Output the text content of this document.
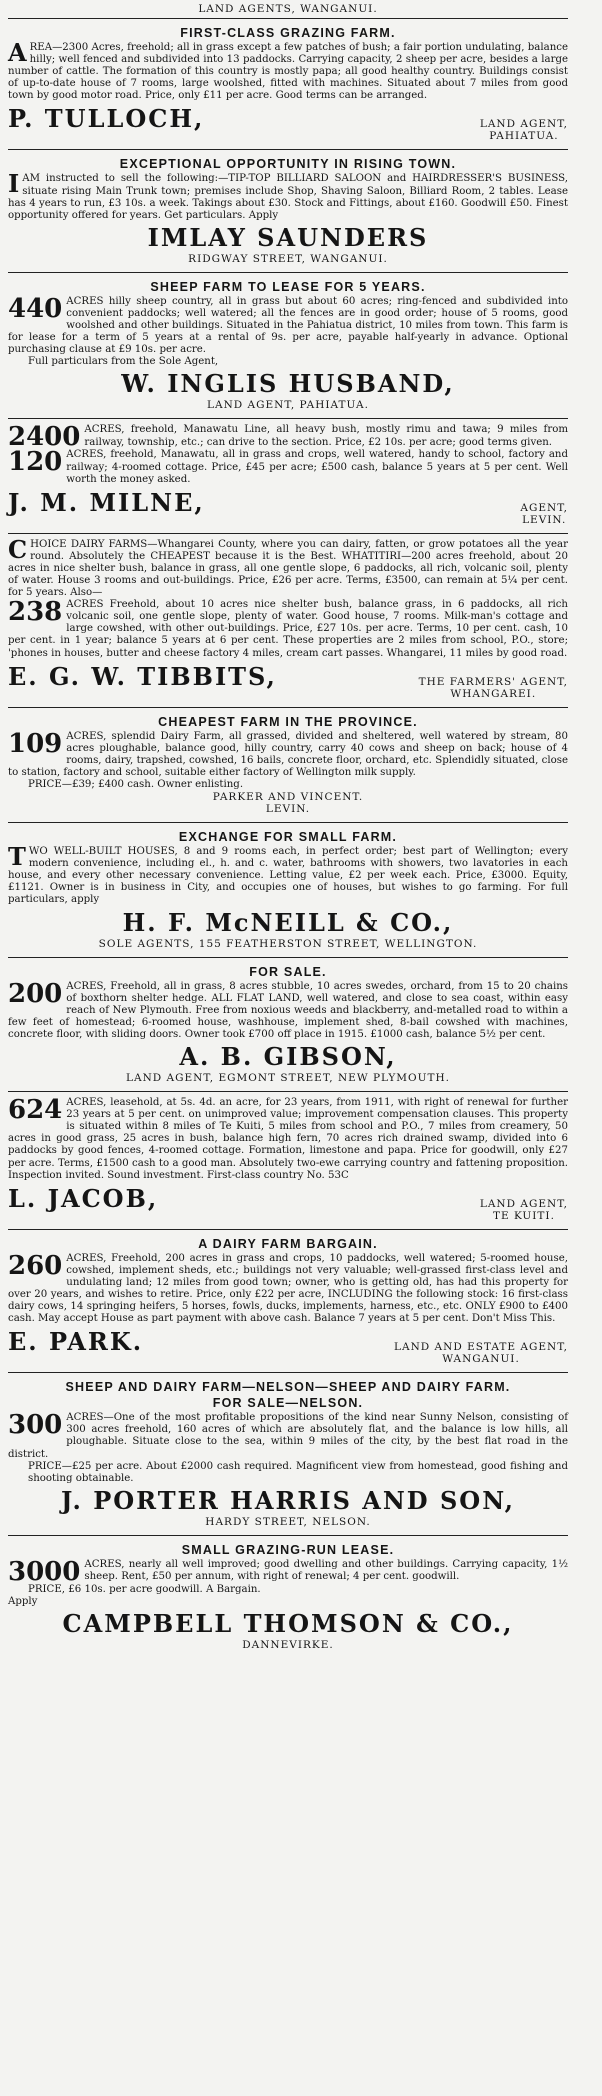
LAND AGENTS, WANGANUI.
FIRST-CLASS GRAZING FARM.

AREA—2300 Acres, freehold; all in grass except a few patches of bush; a fair portion undulating, balance hilly; well fenced and subdivided into 13 paddocks. Carrying capacity, 2 sheep per acre, besides a large number of cattle. The formation of this country is mostly papa; all good healthy country. Buildings consist of up-to-date house of 7 rooms, large woolshed, fitted with machines. Situated about 7 miles from good town by good motor road. Price, only £11 per acre. Good terms can be arranged.

P. TULLOCH,	LAND AGENT,
PAHIATUA.
EXCEPTIONAL OPPORTUNITY IN RISING TOWN.

IAM instructed to sell the following:—TIP-TOP BILLIARD SALOON and HAIRDRESSER'S BUSINESS, situate rising Main Trunk town; premises include Shop, Shaving Saloon, Billiard Room, 2 tables. Lease has 4 years to run, £3 10s. a week. Takings about £30. Stock and Fittings, about £160. Goodwill £50. Finest opportunity offered for years. Get particulars. Apply

IMLAY SAUNDERS
RIDGWAY STREET, WANGANUI.
SHEEP FARM TO LEASE FOR 5 YEARS.

440 ACRES hilly sheep country, all in grass but about 60 acres; ring-fenced and subdivided into convenient paddocks; well watered; all the fences are in good order; house of 5 rooms, good woolshed and other buildings. Situated in the Pahiatua district, 10 miles from town. This farm is for lease for a term of 5 years at a rental of 9s. per acre, payable half-yearly in advance. Optional purchasing clause at £9 10s. per acre.

Full particulars from the Sole Agent,

W. INGLIS HUSBAND,
LAND AGENT, PAHIATUA.

2400 ACRES, freehold, Manawatu Line, all heavy bush, mostly rimu and tawa; 9 miles from railway, township, etc.; can drive to the section. Price, £2 10s. per acre; good terms given.

120 ACRES, freehold, Manawatu, all in grass and crops, well watered, handy to school, factory and railway; 4-roomed cottage. Price, £45 per acre; £500 cash, balance 5 years at 5 per cent. Well worth the money asked.

J. M. MILNE,	AGENT,
LEVIN.

CHOICE DAIRY FARMS—Whangarei County, where you can dairy, fatten, or grow potatoes all the year round. Absolutely the CHEAPEST because it is the Best. WHATITIRI—200 acres freehold, about 20 acres in nice shelter bush, balance in grass, all one gentle slope, 6 paddocks, all rich, volcanic soil, plenty of water. House 3 rooms and out-buildings. Price, £26 per acre. Terms, £3500, can remain at 5¼ per cent. for 5 years. Also—

238 ACRES Freehold, about 10 acres nice shelter bush, balance grass, in 6 paddocks, all rich volcanic soil, one gentle slope, plenty of water. Good house, 7 rooms. Milk-man's cottage and large cowshed, with other out-buildings. Price, £27 10s. per acre. Terms, 10 per cent. cash, 10 per cent. in 1 year; balance 5 years at 6 per cent. These properties are 2 miles from school, P.O., store; 'phones in houses, butter and cheese factory 4 miles, cream cart passes. Whangarei, 11 miles by good road.

E. G. W. TIBBITS,	THE FARMERS' AGENT,
WHANGAREI.
CHEAPEST FARM IN THE PROVINCE.

109 ACRES, splendid Dairy Farm, all grassed, divided and sheltered, well watered by stream, 80 acres ploughable, balance good, hilly country, carry 40 cows and sheep on back; house of 4 rooms, dairy, trapshed, cowshed, 16 bails, concrete floor, orchard, etc. Splendidly situated, close to station, factory and school, suitable either factory of Wellington milk supply.

PRICE—£39; £400 cash. Owner enlisting.

PARKER AND VINCENT.
LEVIN.
EXCHANGE FOR SMALL FARM.

TWO WELL-BUILT HOUSES, 8 and 9 rooms each, in perfect order; best part of Wellington; every modern convenience, including el., h. and c. water, bathrooms with showers, two lavatories in each house, and every other necessary convenience. Letting value, £2 per week each. Price, £3000. Equity, £1121. Owner is in business in City, and occupies one of houses, but wishes to go farming. For full particulars, apply

H. F. McNEILL & CO.,
SOLE AGENTS, 155 FEATHERSTON STREET, WELLINGTON.
FOR SALE.

200 ACRES, Freehold, all in grass, 8 acres stubble, 10 acres swedes, orchard, from 15 to 20 chains of boxthorn shelter hedge. ALL FLAT LAND, well watered, and close to sea coast, within easy reach of New Plymouth. Free from noxious weeds and blackberry, and-metalled road to within a few feet of homestead; 6-roomed house, washhouse, implement shed, 8-bail cowshed with machines, concrete floor, with sliding doors. Owner took £700 off place in 1915. £1000 cash, balance 5½ per cent.

A. B. GIBSON,
LAND AGENT, EGMONT STREET, NEW PLYMOUTH.

624 ACRES, leasehold, at 5s. 4d. an acre, for 23 years, from 1911, with right of renewal for further 23 years at 5 per cent. on unimproved value; improvement compensation clauses. This property is situated within 8 miles of Te Kuiti, 5 miles from school and P.O., 7 miles from creamery, 50 acres in good grass, 25 acres in bush, balance high fern, 70 acres rich drained swamp, divided into 6 paddocks by good fences, 4-roomed cottage. Formation, limestone and papa. Price for goodwill, only £27 per acre. Terms, £1500 cash to a good man. Absolutely two-ewe carrying country and fattening proposition. Inspection invited. Sound investment. First-class country No. 53C

L. JACOB,	LAND AGENT,
TE KUITI.
A DAIRY FARM BARGAIN.

260 ACRES, Freehold, 200 acres in grass and crops, 10 paddocks, well watered; 5-roomed house, cowshed, implement sheds, etc.; buildings not very valuable; well-grassed first-class level and undulating land; 12 miles from good town; owner, who is getting old, has had this property for over 20 years, and wishes to retire. Price, only £22 per acre, INCLUDING the following stock: 16 first-class dairy cows, 14 springing heifers, 5 horses, fowls, ducks, implements, harness, etc., etc. ONLY £900 to £400 cash. May accept House as part payment with above cash. Balance 7 years at 5 per cent. Don't Miss This.

E. PARK.	LAND AND ESTATE AGENT,
WANGANUI.
SHEEP AND DAIRY FARM—NELSON—SHEEP AND DAIRY FARM.
FOR SALE—NELSON.

300 ACRES—One of the most profitable propositions of the kind near Sunny Nelson, consisting of 300 acres freehold, 160 acres of which are absolutely flat, and the balance is low hills, all ploughable. Situate close to the sea, within 9 miles of the city, by the best flat road in the district.

PRICE—£25 per acre. About £2000 cash required. Magnificent view from homestead, good fishing and shooting obtainable.

J. PORTER HARRIS AND SON,
HARDY STREET, NELSON.
SMALL GRAZING-RUN LEASE.

3000 ACRES, nearly all well improved; good dwelling and other buildings. Carrying capacity, 1½ sheep. Rent, £50 per annum, with right of renewal; 4 per cent. goodwill.

PRICE, £6 10s. per acre goodwill. A Bargain.

Apply

CAMPBELL THOMSON & CO.,
DANNEVIRKE.
